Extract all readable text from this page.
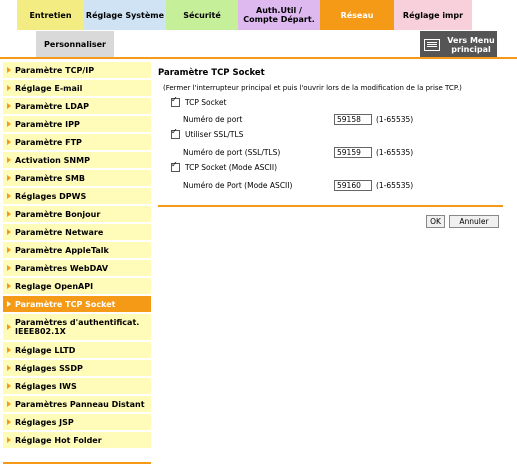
Entretien	Réglage Système	Sécurité	Auth.Util / Compte Départ.	Réseau	Réglage impr
Personnaliser	Vers Menu principal
Paramètre TCP/IP
Réglage E-mail
Paramètre LDAP
Paramètre IPP
Paramètre FTP
Activation SNMP
Paramètre SMB
Réglages DPWS
Paramètre Bonjour
Paramètre Netware
Paramètre AppleTalk
Paramètres WebDAV
Reglage OpenAPI
Paramètre TCP Socket
Paramètres d'authentificat. IEEE802.1X
Réglage LLTD
Réglages SSDP
Réglages IWS
Paramètres Panneau Distant
Réglages JSP
Réglage Hot Folder

Paramètre TCP Socket

(Fermer l'interrupteur principal et puis l'ouvrir lors de la modification de la prise TCP.)
✓
TCP Socket
Numéro de port
59158	(1-65535)
✓
Utiliser SSL/TLS
Numéro de port (SSL/TLS)
59159	(1-65535)
✓
TCP Socket (Mode ASCII)
Numéro de Port (Mode ASCII)
59160	(1-65535)
OK	Annuler
